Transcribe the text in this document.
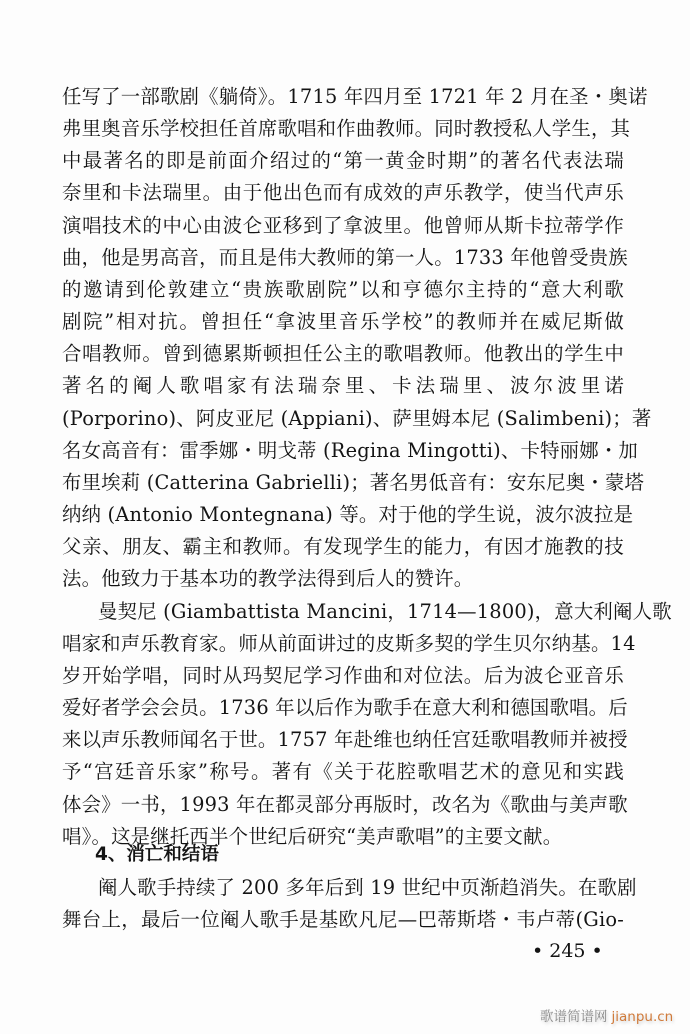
任写了一部歌剧《躺倚》。1715 年四月至 1721 年 2 月在圣・奥诺
弗里奥音乐学校担任首席歌唱和作曲教师。同时教授私人学生，其
中最著名的即是前面介绍过的“第一黄金时期”的著名代表法瑞
奈里和卡法瑞里。由于他出色而有成效的声乐教学，使当代声乐
演唱技术的中心由波仑亚移到了拿波里。他曾师从斯卡拉蒂学作
曲，他是男高音，而且是伟大教师的第一人。1733 年他曾受贵族
的邀请到伦敦建立“贵族歌剧院”以和亨德尔主持的“意大利歌
剧院”相对抗。曾担任“拿波里音乐学校”的教师并在威尼斯做
合唱教师。曾到德累斯顿担任公主的歌唱教师。他教出的学生中
著名的阉人歌唱家有法瑞奈里、卡法瑞里、波尔波里诺
(Porporino)、阿皮亚尼 (Appiani)、萨里姆本尼 (Salimbeni)；著
名女高音有：雷季娜・明戈蒂 (Regina Mingotti)、卡特丽娜・加
布里埃莉 (Catterina Gabrielli)；著名男低音有：安东尼奥・蒙塔
纳纳 (Antonio Montegnana) 等。对于他的学生说，波尔波拉是
父亲、朋友、霸主和教师。有发现学生的能力，有因才施教的技
法。他致力于基本功的教学法得到后人的赞许。
曼契尼 (Giambattista Mancini，1714—1800)，意大利阉人歌
唱家和声乐教育家。师从前面讲过的皮斯多契的学生贝尔纳基。14
岁开始学唱，同时从玛契尼学习作曲和对位法。后为波仑亚音乐
爱好者学会会员。1736 年以后作为歌手在意大利和德国歌唱。后
来以声乐教师闻名于世。1757 年赴维也纳任宫廷歌唱教师并被授
予“宫廷音乐家”称号。著有《关于花腔歌唱艺术的意见和实践
体会》一书，1993 年在都灵部分再版时，改名为《歌曲与美声歌
唱》。这是继托西半个世纪后研究“美声歌唱”的主要文献。
4、消亡和结语
阉人歌手持续了 200 多年后到 19 世纪中页渐趋消失。在歌剧
舞台上，最后一位阉人歌手是基欧凡尼—巴蒂斯塔・韦卢蒂(Gio-
• 245 •
歌谱简谱网 jianpu.cn
